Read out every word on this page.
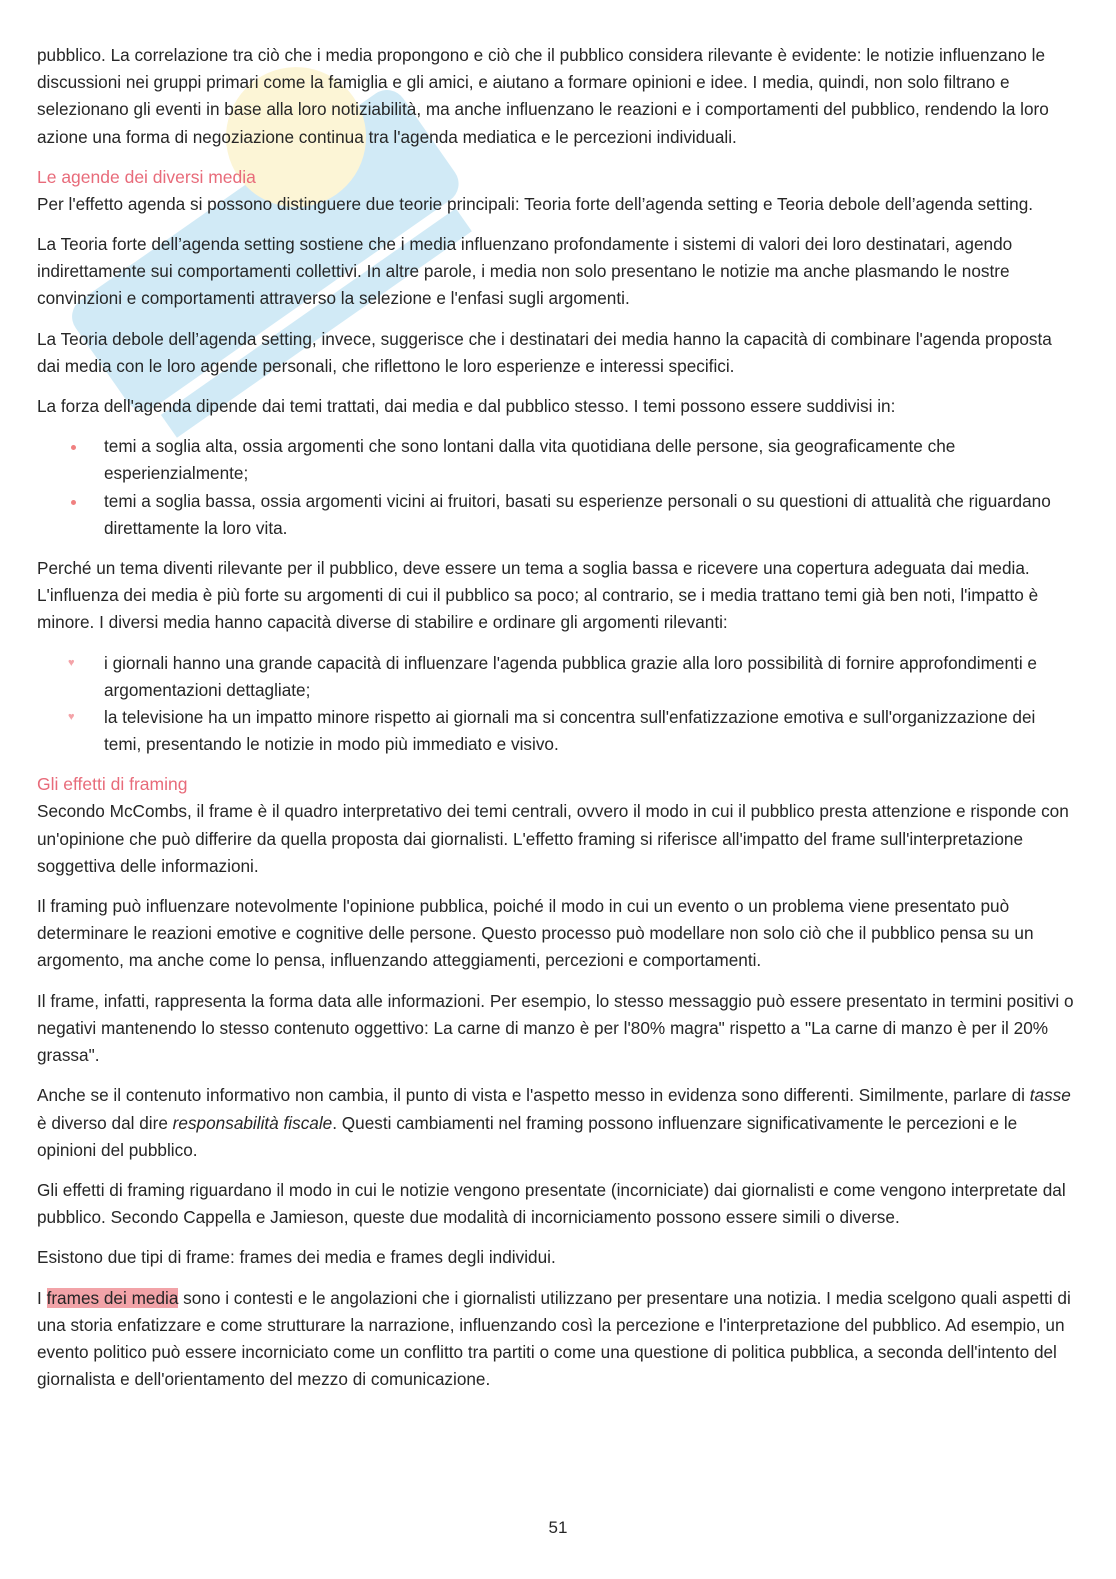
pubblico. La correlazione tra ciò che i media propongono e ciò che il pubblico considera rilevante è evidente: le notizie influenzano le discussioni nei gruppi primari come la famiglia e gli amici, e aiutano a formare opinioni e idee. I media, quindi, non solo filtrano e selezionano gli eventi in base alla loro notiziabilità, ma anche influenzano le reazioni e i comportamenti del pubblico, rendendo la loro azione una forma di negoziazione continua tra l'agenda mediatica e le percezioni individuali.

Le agende dei diversi media

Per l'effetto agenda si possono distinguere due teorie principali: Teoria forte dell’agenda setting e Teoria debole dell’agenda setting.

La Teoria forte dell’agenda setting sostiene che i media influenzano profondamente i sistemi di valori dei loro destinatari, agendo indirettamente sui comportamenti collettivi. In altre parole, i media non solo presentano le notizie ma anche plasmando le nostre convinzioni e comportamenti attraverso la selezione e l'enfasi sugli argomenti.

La Teoria debole dell’agenda setting, invece, suggerisce che i destinatari dei media hanno la capacità di combinare l'agenda proposta dai media con le loro agende personali, che riflettono le loro esperienze e interessi specifici.

La forza dell'agenda dipende dai temi trattati, dai media e dal pubblico stesso. I temi possono essere suddivisi in:

temi a soglia alta, ossia argomenti che sono lontani dalla vita quotidiana delle persone, sia geograficamente che esperienzialmente;
temi a soglia bassa, ossia argomenti vicini ai fruitori, basati su esperienze personali o su questioni di attualità che riguardano direttamente la loro vita.

Perché un tema diventi rilevante per il pubblico, deve essere un tema a soglia bassa e ricevere una copertura adeguata dai media. L'influenza dei media è più forte su argomenti di cui il pubblico sa poco; al contrario, se i media trattano temi già ben noti, l'impatto è minore. I diversi media hanno capacità diverse di stabilire e ordinare gli argomenti rilevanti:

♥ i giornali hanno una grande capacità di influenzare l'agenda pubblica grazie alla loro possibilità di fornire approfondimenti e argomentazioni dettagliate;
♥ la televisione ha un impatto minore rispetto ai giornali ma si concentra sull'enfatizzazione emotiva e sull'organizzazione dei temi, presentando le notizie in modo più immediato e visivo.
Gli effetti di framing

Secondo McCombs, il frame è il quadro interpretativo dei temi centrali, ovvero il modo in cui il pubblico presta attenzione e risponde con un'opinione che può differire da quella proposta dai giornalisti. L'effetto framing si riferisce all'impatto del frame sull'interpretazione soggettiva delle informazioni.

Il framing può influenzare notevolmente l'opinione pubblica, poiché il modo in cui un evento o un problema viene presentato può determinare le reazioni emotive e cognitive delle persone. Questo processo può modellare non solo ciò che il pubblico pensa su un argomento, ma anche come lo pensa, influenzando atteggiamenti, percezioni e comportamenti.

Il frame, infatti, rappresenta la forma data alle informazioni. Per esempio, lo stesso messaggio può essere presentato in termini positivi o negativi mantenendo lo stesso contenuto oggettivo: La carne di manzo è per l'80% magra" rispetto a "La carne di manzo è per il 20% grassa".

Anche se il contenuto informativo non cambia, il punto di vista e l'aspetto messo in evidenza sono differenti. Similmente, parlare di tasse è diverso dal dire responsabilità fiscale. Questi cambiamenti nel framing possono influenzare significativamente le percezioni e le opinioni del pubblico.

Gli effetti di framing riguardano il modo in cui le notizie vengono presentate (incorniciate) dai giornalisti e come vengono interpretate dal pubblico. Secondo Cappella e Jamieson, queste due modalità di incorniciamento possono essere simili o diverse.

Esistono due tipi di frame: frames dei media e frames degli individui.

I frames dei media sono i contesti e le angolazioni che i giornalisti utilizzano per presentare una notizia. I media scelgono quali aspetti di una storia enfatizzare e come strutturare la narrazione, influenzando così la percezione e l'interpretazione del pubblico. Ad esempio, un evento politico può essere incorniciato come un conflitto tra partiti o come una questione di politica pubblica, a seconda dell'intento del giornalista e dell'orientamento del mezzo di comunicazione.

51
